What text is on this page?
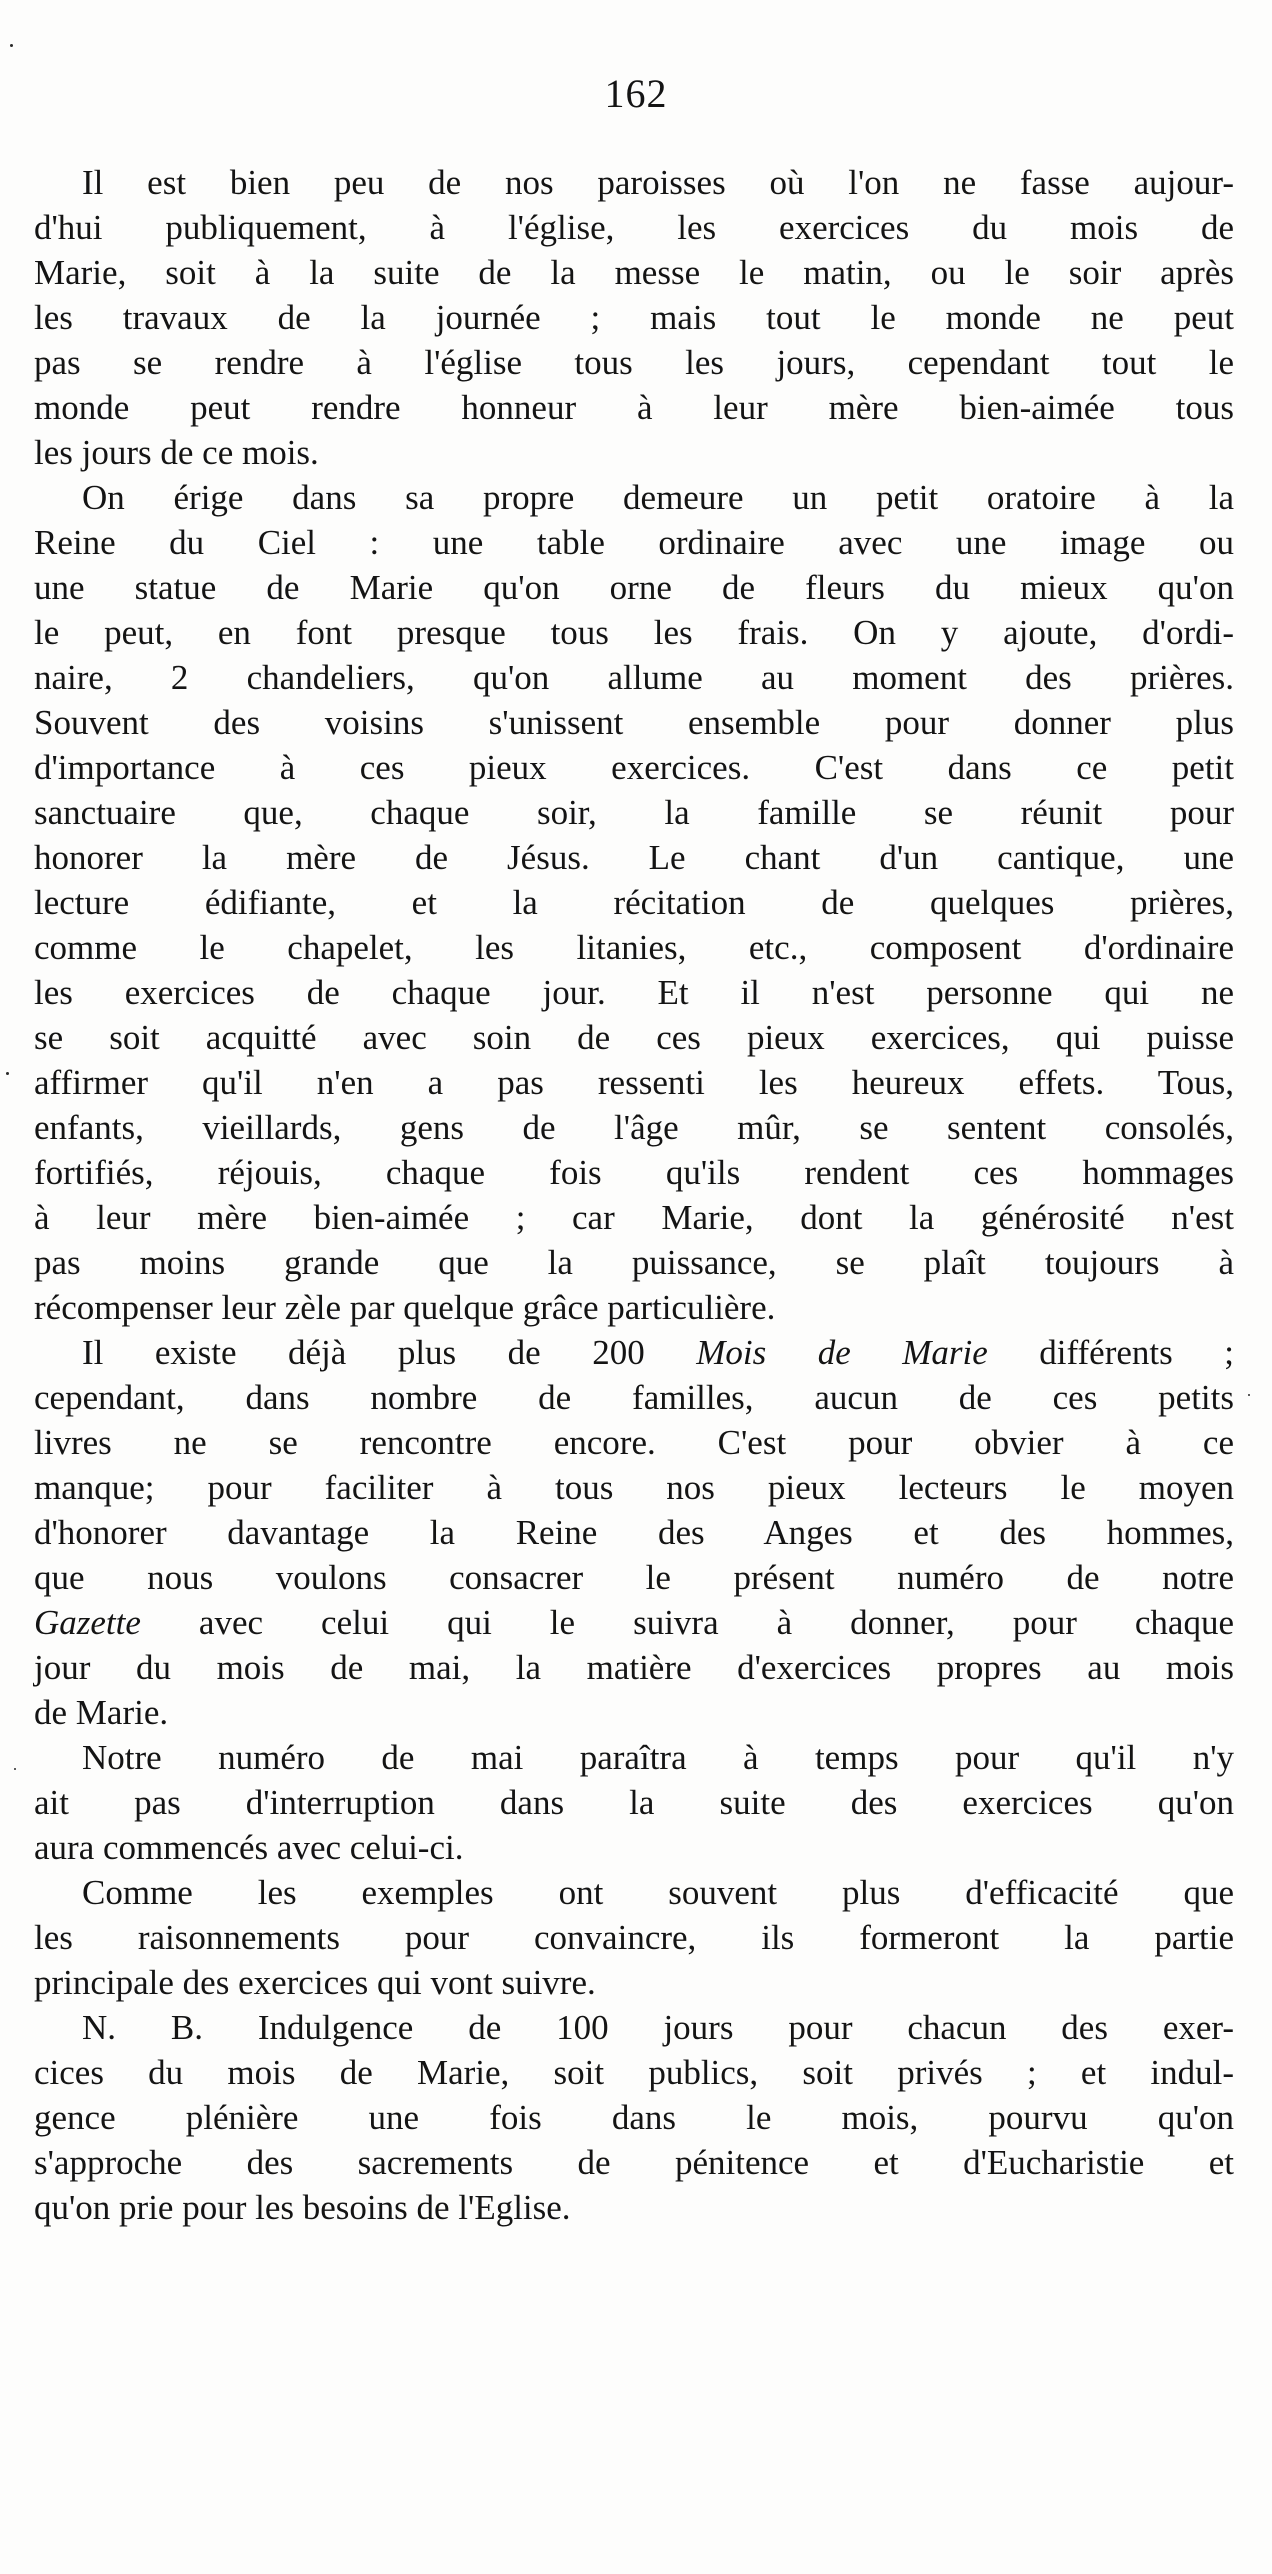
162
Il est bien peu de nos paroisses où l'on ne fasse aujour-
d'hui publiquement, à l'église, les exercices du mois de
Marie, soit à la suite de la messe le matin, ou le soir après
les travaux de la journée ; mais tout le monde ne peut
pas se rendre à l'église tous les jours, cependant tout le
monde peut rendre honneur à leur mère bien-aimée tous
les jours de ce mois.
On érige dans sa propre demeure un petit oratoire à la
Reine du Ciel : une table ordinaire avec une image ou
une statue de Marie qu'on orne de fleurs du mieux qu'on
le peut, en font presque tous les frais. On y ajoute, d'ordi-
naire, 2 chandeliers, qu'on allume au moment des prières.
Souvent des voisins s'unissent ensemble pour donner plus
d'importance à ces pieux exercices. C'est dans ce petit
sanctuaire que, chaque soir, la famille se réunit pour
honorer la mère de Jésus. Le chant d'un cantique, une
lecture édifiante, et la récitation de quelques prières,
comme le chapelet, les litanies, etc., composent d'ordinaire
les exercices de chaque jour. Et il n'est personne qui ne
se soit acquitté avec soin de ces pieux exercices, qui puisse
affirmer qu'il n'en a pas ressenti les heureux effets. Tous,
enfants, vieillards, gens de l'âge mûr, se sentent consolés,
fortifiés, réjouis, chaque fois qu'ils rendent ces hommages
à leur mère bien-aimée ; car Marie, dont la générosité n'est
pas moins grande que la puissance, se plaît toujours à
récompenser leur zèle par quelque grâce particulière.
Il existe déjà plus de 200 Mois de Marie différents ;
cependant, dans nombre de familles, aucun de ces petits
livres ne se rencontre encore. C'est pour obvier à ce
manque; pour faciliter à tous nos pieux lecteurs le moyen
d'honorer davantage la Reine des Anges et des hommes,
que nous voulons consacrer le présent numéro de notre
Gazette avec celui qui le suivra à donner, pour chaque
jour du mois de mai, la matière d'exercices propres au mois
de Marie.
Notre numéro de mai paraîtra à temps pour qu'il n'y
ait pas d'interruption dans la suite des exercices qu'on
aura commencés avec celui-ci.
Comme les exemples ont souvent plus d'efficacité que
les raisonnements pour convaincre, ils formeront la partie
principale des exercices qui vont suivre.
N. B. Indulgence de 100 jours pour chacun des exer-
cices du mois de Marie, soit publics, soit privés ; et indul-
gence plénière une fois dans le mois, pourvu qu'on
s'approche des sacrements de pénitence et d'Eucharistie et
qu'on prie pour les besoins de l'Eglise.
